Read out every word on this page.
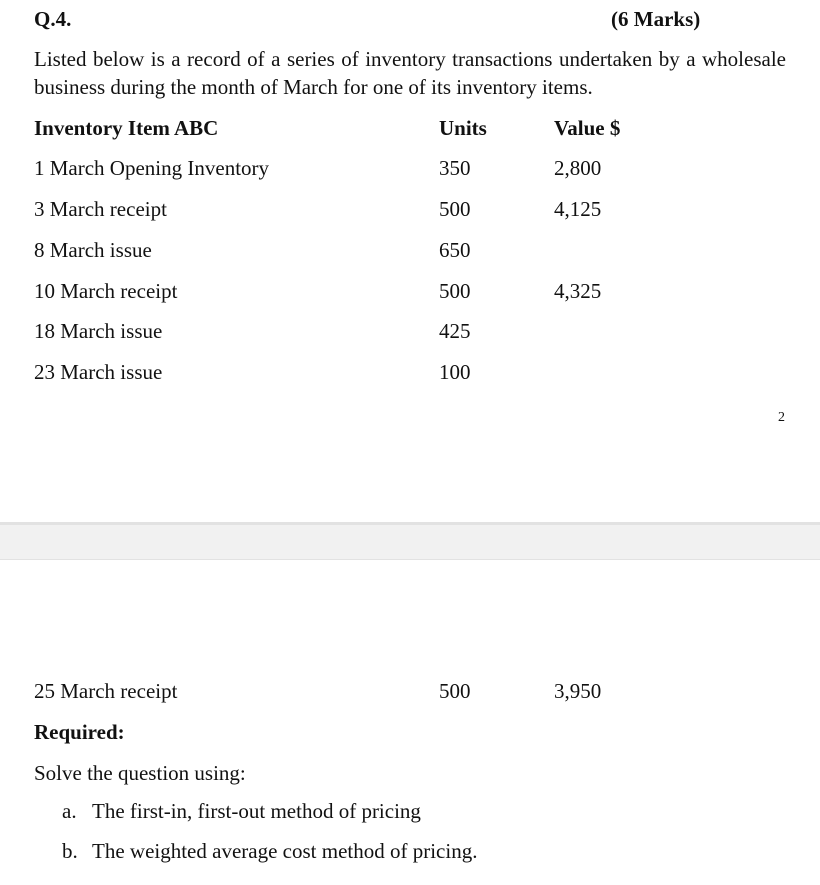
Q.4.	(6 Marks)
Listed below is a record of a series of inventory transactions undertaken by a wholesale business during the month of March for one of its inventory items.
Inventory Item ABC	Units	Value $
1 March Opening Inventory	350	2,800
3 March receipt	500	4,125
8 March issue	650
10 March receipt	500	4,325
18 March issue	425
23 March issue	100
2
25 March receipt	500	3,950
Required:
Solve the question using:
a. The first-in, first-out method of pricing
b. The weighted average cost method of pricing.
